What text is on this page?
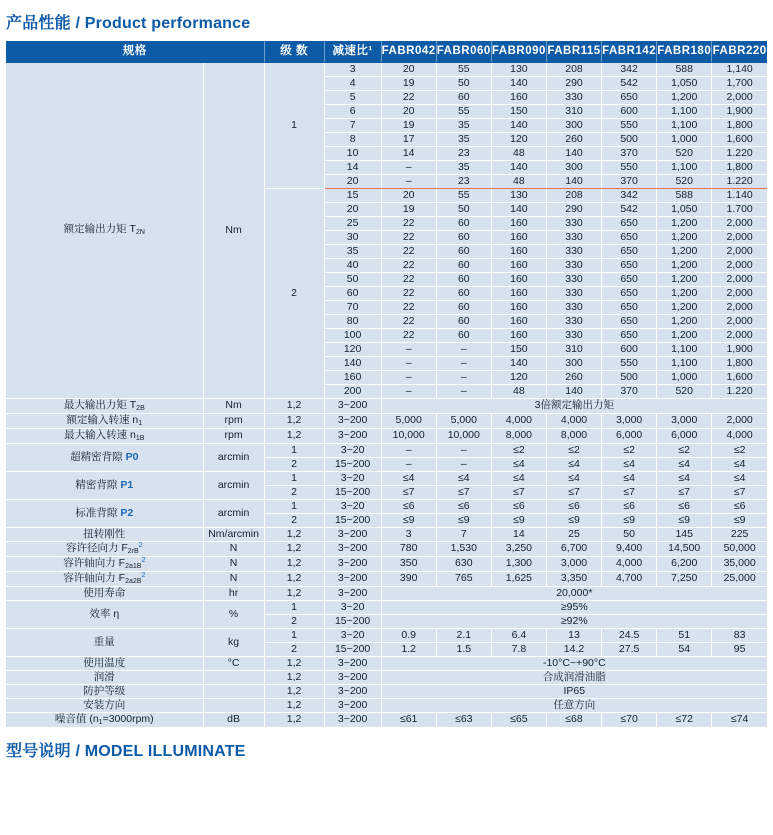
产品性能 / Product performance
规格		级 数	减速比¹	FABR042	FABR060	FABR090	FABR115	FABR142	FABR180	FABR220
额定输出力矩 $T_{2N}$	Nm	1	3	20	55	130	208	342	588	1,140
			4	19	50	140	290	542	1,050	1,700
			5	22	60	160	330	650	1,200	2,000
			6	20	55	150	310	600	1,100	1,900
			7	19	35	140	300	550	1,100	1,800
			8	17	35	120	260	500	1,000	1,600
			10	14	23	48	140	370	520	1.220
			14	–	35	140	300	550	1,100	1,800
			20	–	23	48	140	370	520	1.220
		2	15	20	55	130	208	342	588	1.140
			20	19	50	140	290	542	1,050	1.700
			25	22	60	160	330	650	1,200	2,000
			30	22	60	160	330	650	1,200	2,000
			35	22	60	160	330	650	1,200	2,000
			40	22	60	160	330	650	1,200	2,000
			50	22	60	160	330	650	1,200	2,000
			60	22	60	160	330	650	1,200	2,000
			70	22	60	160	330	650	1,200	2,000
			80	22	60	160	330	650	1,200	2,000
			100	22	60	160	330	650	1,200	2,000
			120	–	–	150	310	600	1,100	1,900
			140	–	–	140	300	550	1,100	1,800
			160	–	–	120	260	500	1,000	1,600
			200	–	–	48	140	370	520	1.220
最大输出力矩 $T_{2B}$	Nm	1,2	3~200	3倍额定输出力矩						
额定输入转速 $n_1$	rpm	1,2	3~200	5,000	5,000	4,000	4,000	3,000	3,000	2,000
最大输入转速 $n_{1B}$	rpm	1,2	3~200	10,000	10,000	8,000	8,000	6,000	6,000	4,000
超精密背隙 P0	arcmin	1	3~20	–	–	≤2	≤2	≤2	≤2	≤2
		2	15~200	–	–	≤4	≤4	≤4	≤4	≤4
精密背隙 P1	arcmin	1	3~20	≤4	≤4	≤4	≤4	≤4	≤4	≤4
		2	15~200	≤7	≤7	≤7	≤7	≤7	≤7	≤7
标准背隙 P2	arcmin	1	3~20	≤6	≤6	≤6	≤6	≤6	≤6	≤6
		2	15~200	≤9	≤9	≤9	≤9	≤9	≤9	≤9
扭转刚性	Nm/arcmin	1,2	3~200	3	7	14	25	50	145	225
容许径向力 $F_{2rB}^2$	N	1,2	3~200	780	1,530	3,250	6,700	9,400	14,500	50,000
容许轴向力 $F_{2a1B}^2$	N	1,2	3~200	350	630	1,300	3,000	4,000	6,200	35,000
容许轴向力 $F_{2a2B}^2$	N	1,2	3~200	390	765	1,625	3,350	4,700	7,250	25,000
使用寿命	hr	1,2	3~200	20,000*						
效率 η	%	1	3~20	≥95%						
		2	15~200	≥92%						
重量	kg	1	3~20	0.9	2.1	6.4	13	24.5	51	83
		2	15~200	1.2	1.5	7.8	14.2	27.5	54	95
使用温度	°C	1,2	3~200	-10°C~+90°C						
润滑		1,2	3~200	合成润滑油脂						
防护等级		1,2	3~200	IP65						
安装方向		1,2	3~200	任意方向						
噪音值 $(n_1=3000rpm)$	dB	1,2	3~200	≤61	≤63	≤65	≤68	≤70	≤72	≤74
型号说明 / MODEL ILLUMINATE
